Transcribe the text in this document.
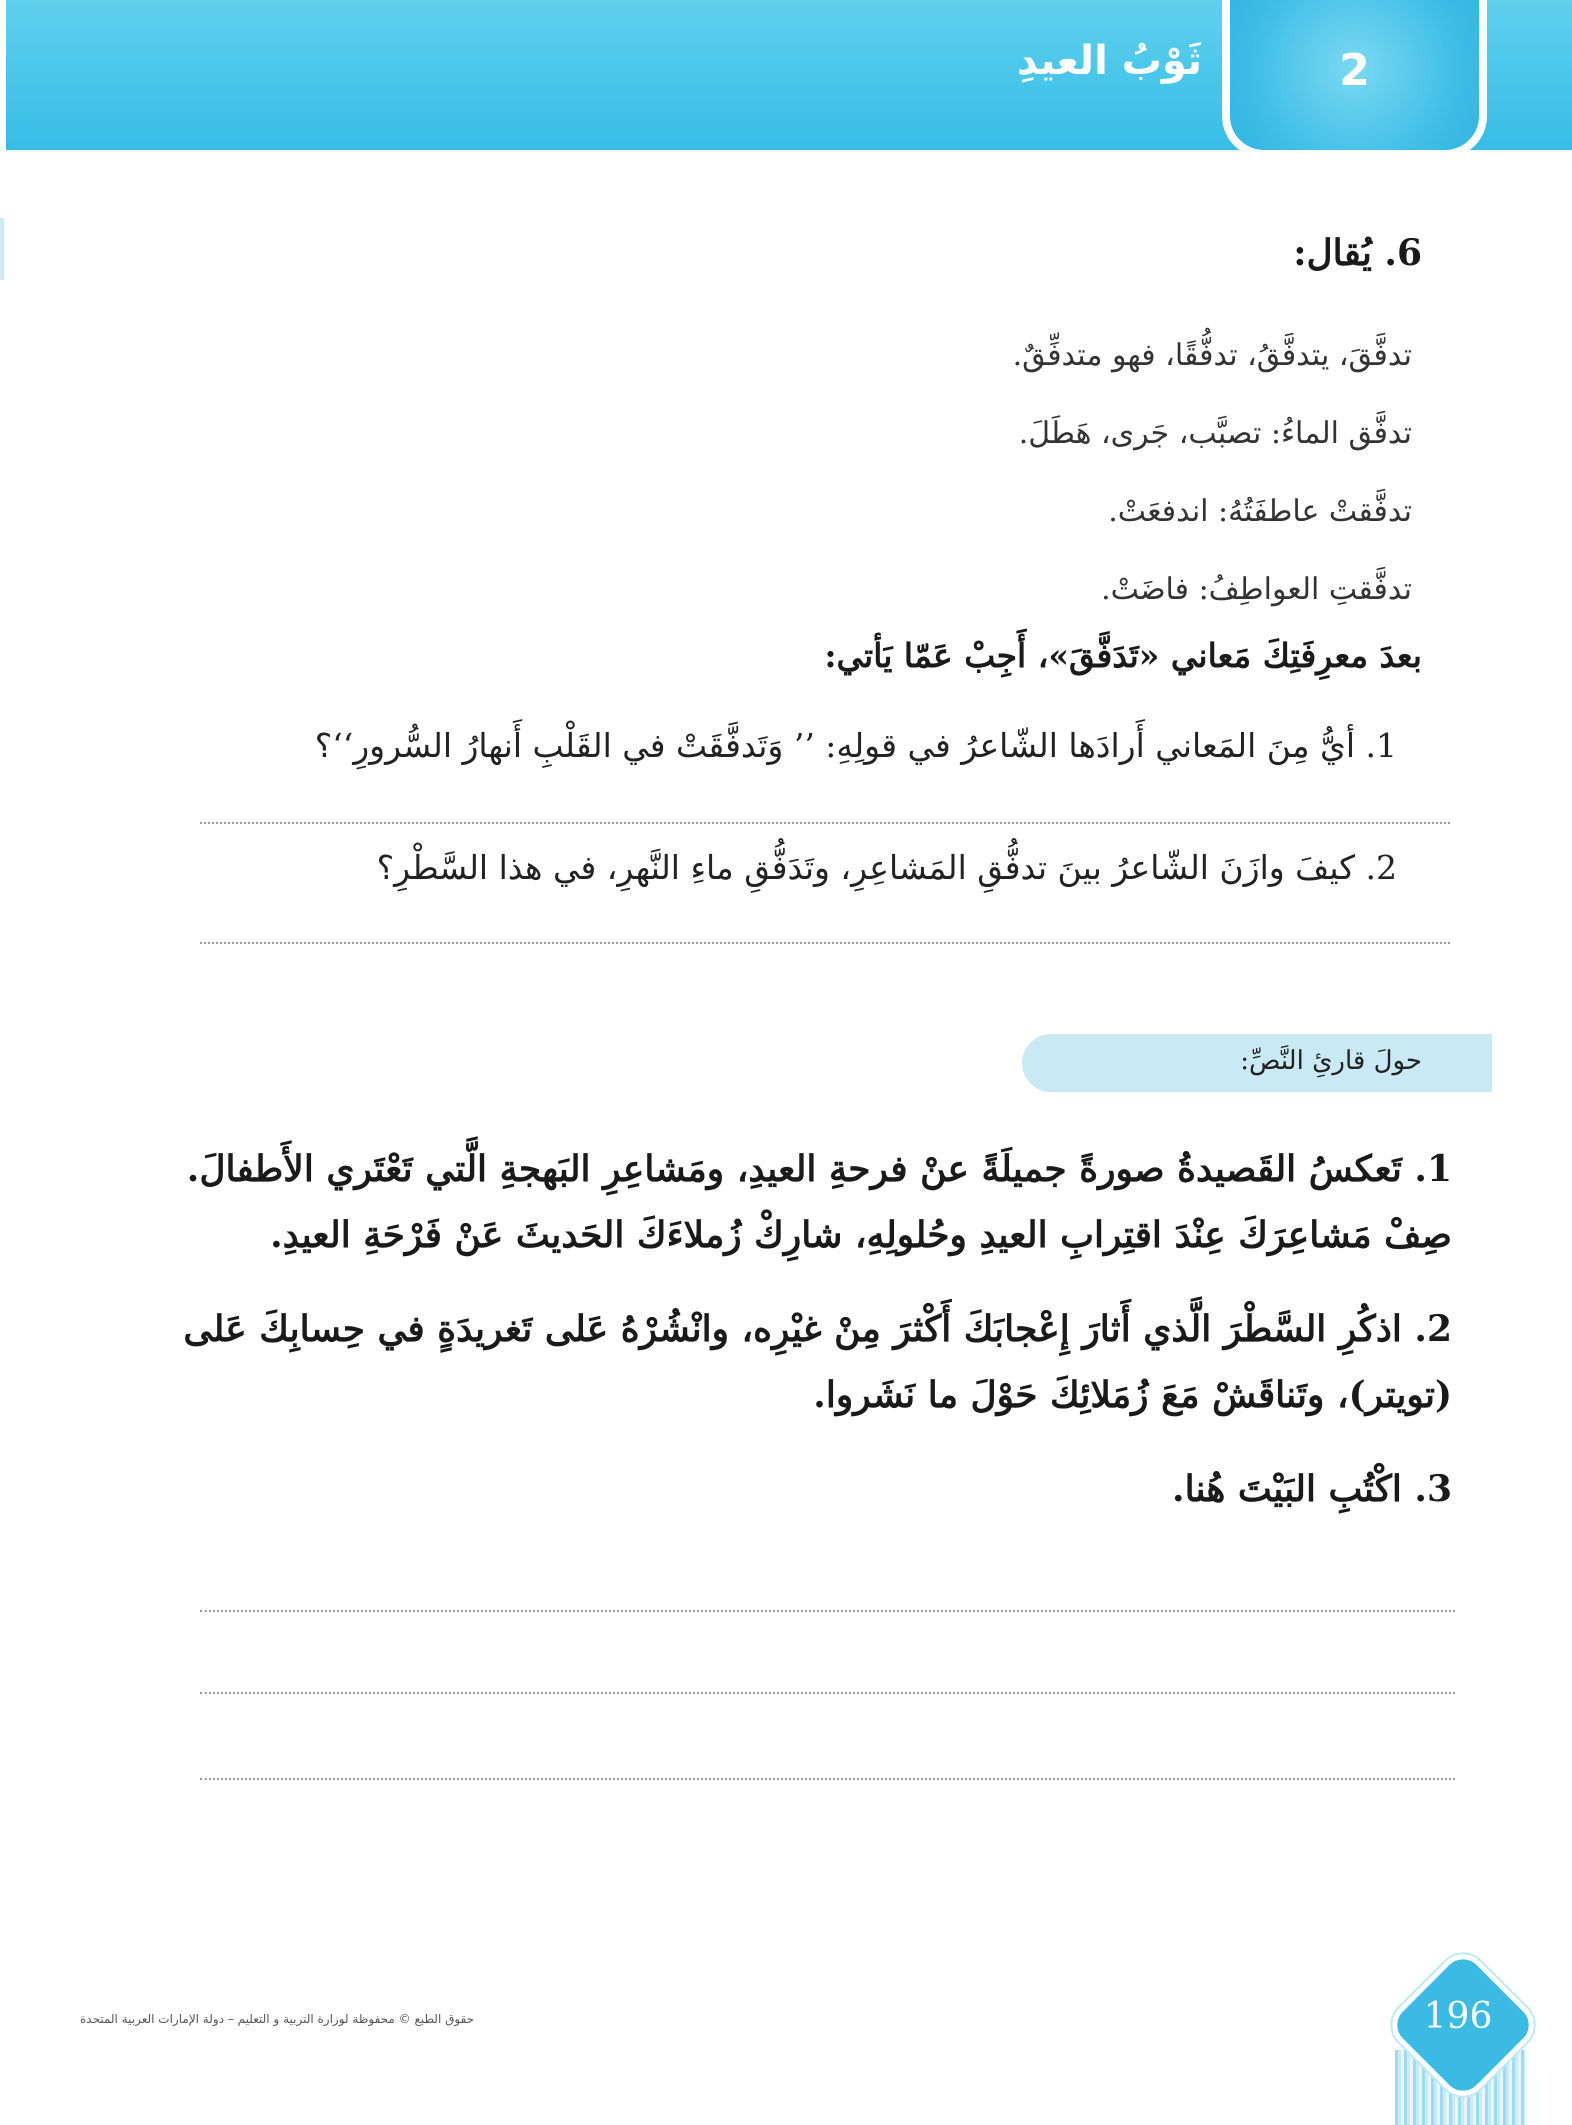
ثَوْبُ العيدِ	2
6. يُقال:
تدفَّقَ، يتدفَّقُ، تدفُّقًا، فهو متدفِّقٌ.
تدفَّق الماءُ: تصبَّب، جَرى، هَطَلَ.
تدفَّقتْ عاطفَتُهُ: اندفعَتْ.
تدفَّقتِ العواطِفُ: فاضَتْ.
بعدَ معرِفَتِكَ مَعاني «تَدَفَّقَ»، أَجِبْ عَمّا يَأتي:
1. أيُّ مِنَ المَعاني أَرادَها الشّاعرُ في قولِهِ: ’’ وَتَدفَّقَتْ في القَلْبِ أَنهارُ السُّرورِ‘‘؟
2. كيفَ وازَنَ الشّاعرُ بينَ تدفُّقِ المَشاعِرِ، وتَدَفُّقِ ماءِ النَّهرِ، في هذا السَّطْرِ؟
حولَ قارئِ النَّصِّ:
1. تَعكسُ القَصيدةُ صورةً جميلَةً عنْ فرحةِ العيدِ، ومَشاعِرِ البَهجةِ الَّتي تَعْتَري الأَطفالَ. صِفْ مَشاعِرَكَ عِنْدَ اقتِرابِ العيدِ وحُلولِهِ، شارِكْ زُملاءَكَ الحَديثَ عَنْ فَرْحَةِ العيدِ.
2. اذكُرِ السَّطْرَ الَّذي أَثارَ إِعْجابَكَ أَكْثرَ مِنْ غيْرِه، وانْشُرْهُ عَلى تَغريدَةٍ في حِسابِكَ عَلى (تويتر)، وتَناقَشْ مَعَ زُمَلائِكَ حَوْلَ ما نَشَروا.
3. اكْتُبِ البَيْتَ هُنا.
حقوق الطبع © محفوظة لوزارة التربية و التعليم – دولة الإمارات العربية المتحدة	196
